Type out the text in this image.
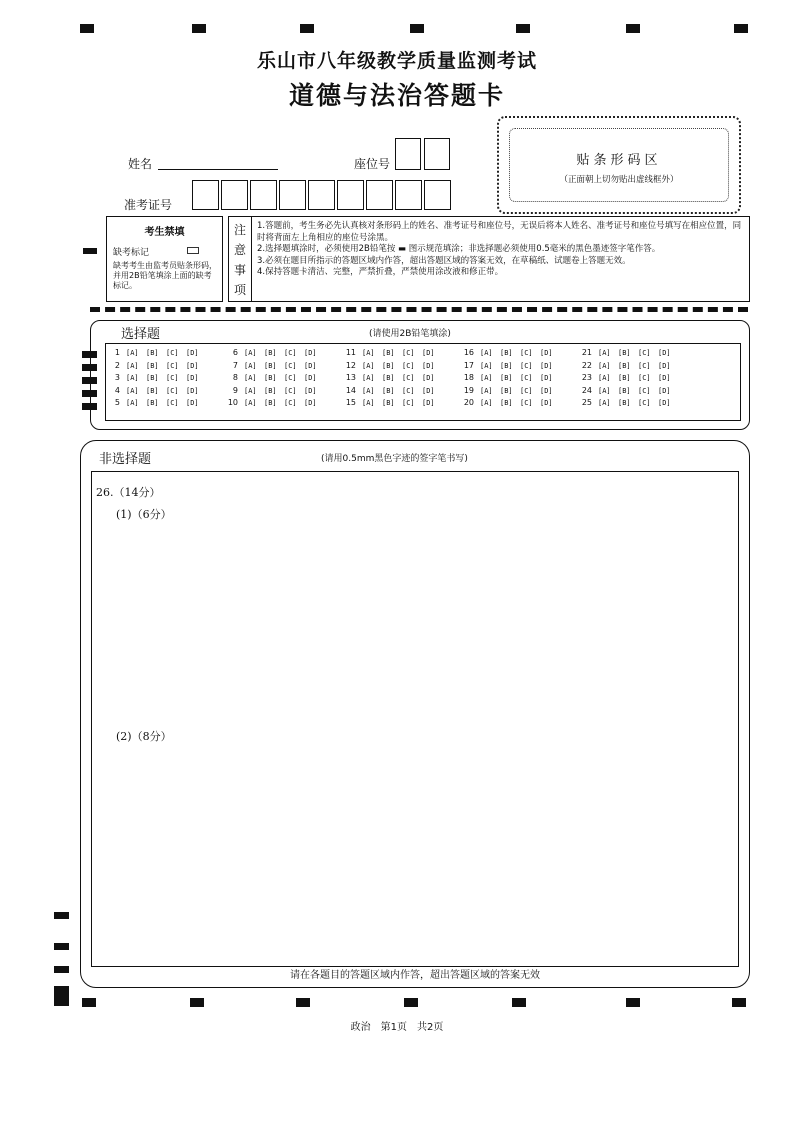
乐山市八年级教学质量监测考试
道德与法治答题卡
姓名	座位号
准考证号
贴条形码区
（正面朝上切勿贴出虚线框外）
考生禁填
缺考标记
缺考考生由监考员贴条形码，并用2B铅笔填涂上面的缺考标记。
注
意
事
项
1.答题前，考生务必先认真核对条形码上的姓名、准考证号和座位号，无误后将本人姓名、准考证号和座位号填写在相应位置，同时将背面左上角相应的座位号涂黑。
2.选择题填涂时，必须使用2B铅笔按 ▬ 图示规范填涂；非选择题必须使用0.5毫米的黑色墨迹签字笔作答。
3.必须在题目所指示的答题区域内作答，超出答题区域的答案无效，在草稿纸、试题卷上答题无效。
4.保持答题卡清洁、完整，严禁折叠，严禁使用涂改液和修正带。
选择题	(请使用2B铅笔填涂)
1 [A] [B] [C] [D]
2 [A] [B] [C] [D]
3 [A] [B] [C] [D]
4 [A] [B] [C] [D]
5 [A] [B] [C] [D]
6 [A] [B] [C] [D]
7 [A] [B] [C] [D]
8 [A] [B] [C] [D]
9 [A] [B] [C] [D]
10 [A] [B] [C] [D]
11 [A] [B] [C] [D]
12 [A] [B] [C] [D]
13 [A] [B] [C] [D]
14 [A] [B] [C] [D]
15 [A] [B] [C] [D]
16 [A] [B] [C] [D]
17 [A] [B] [C] [D]
18 [A] [B] [C] [D]
19 [A] [B] [C] [D]
20 [A] [B] [C] [D]
21 [A] [B] [C] [D]
22 [A] [B] [C] [D]
23 [A] [B] [C] [D]
24 [A] [B] [C] [D]
25 [A] [B] [C] [D]
非选择题	(请用0.5mm黑色字迹的签字笔书写)
26.（14分）
(1)（6分）
(2)（8分）
请在各题目的答题区域内作答，超出答题区域的答案无效
政治　第1页　共2页
